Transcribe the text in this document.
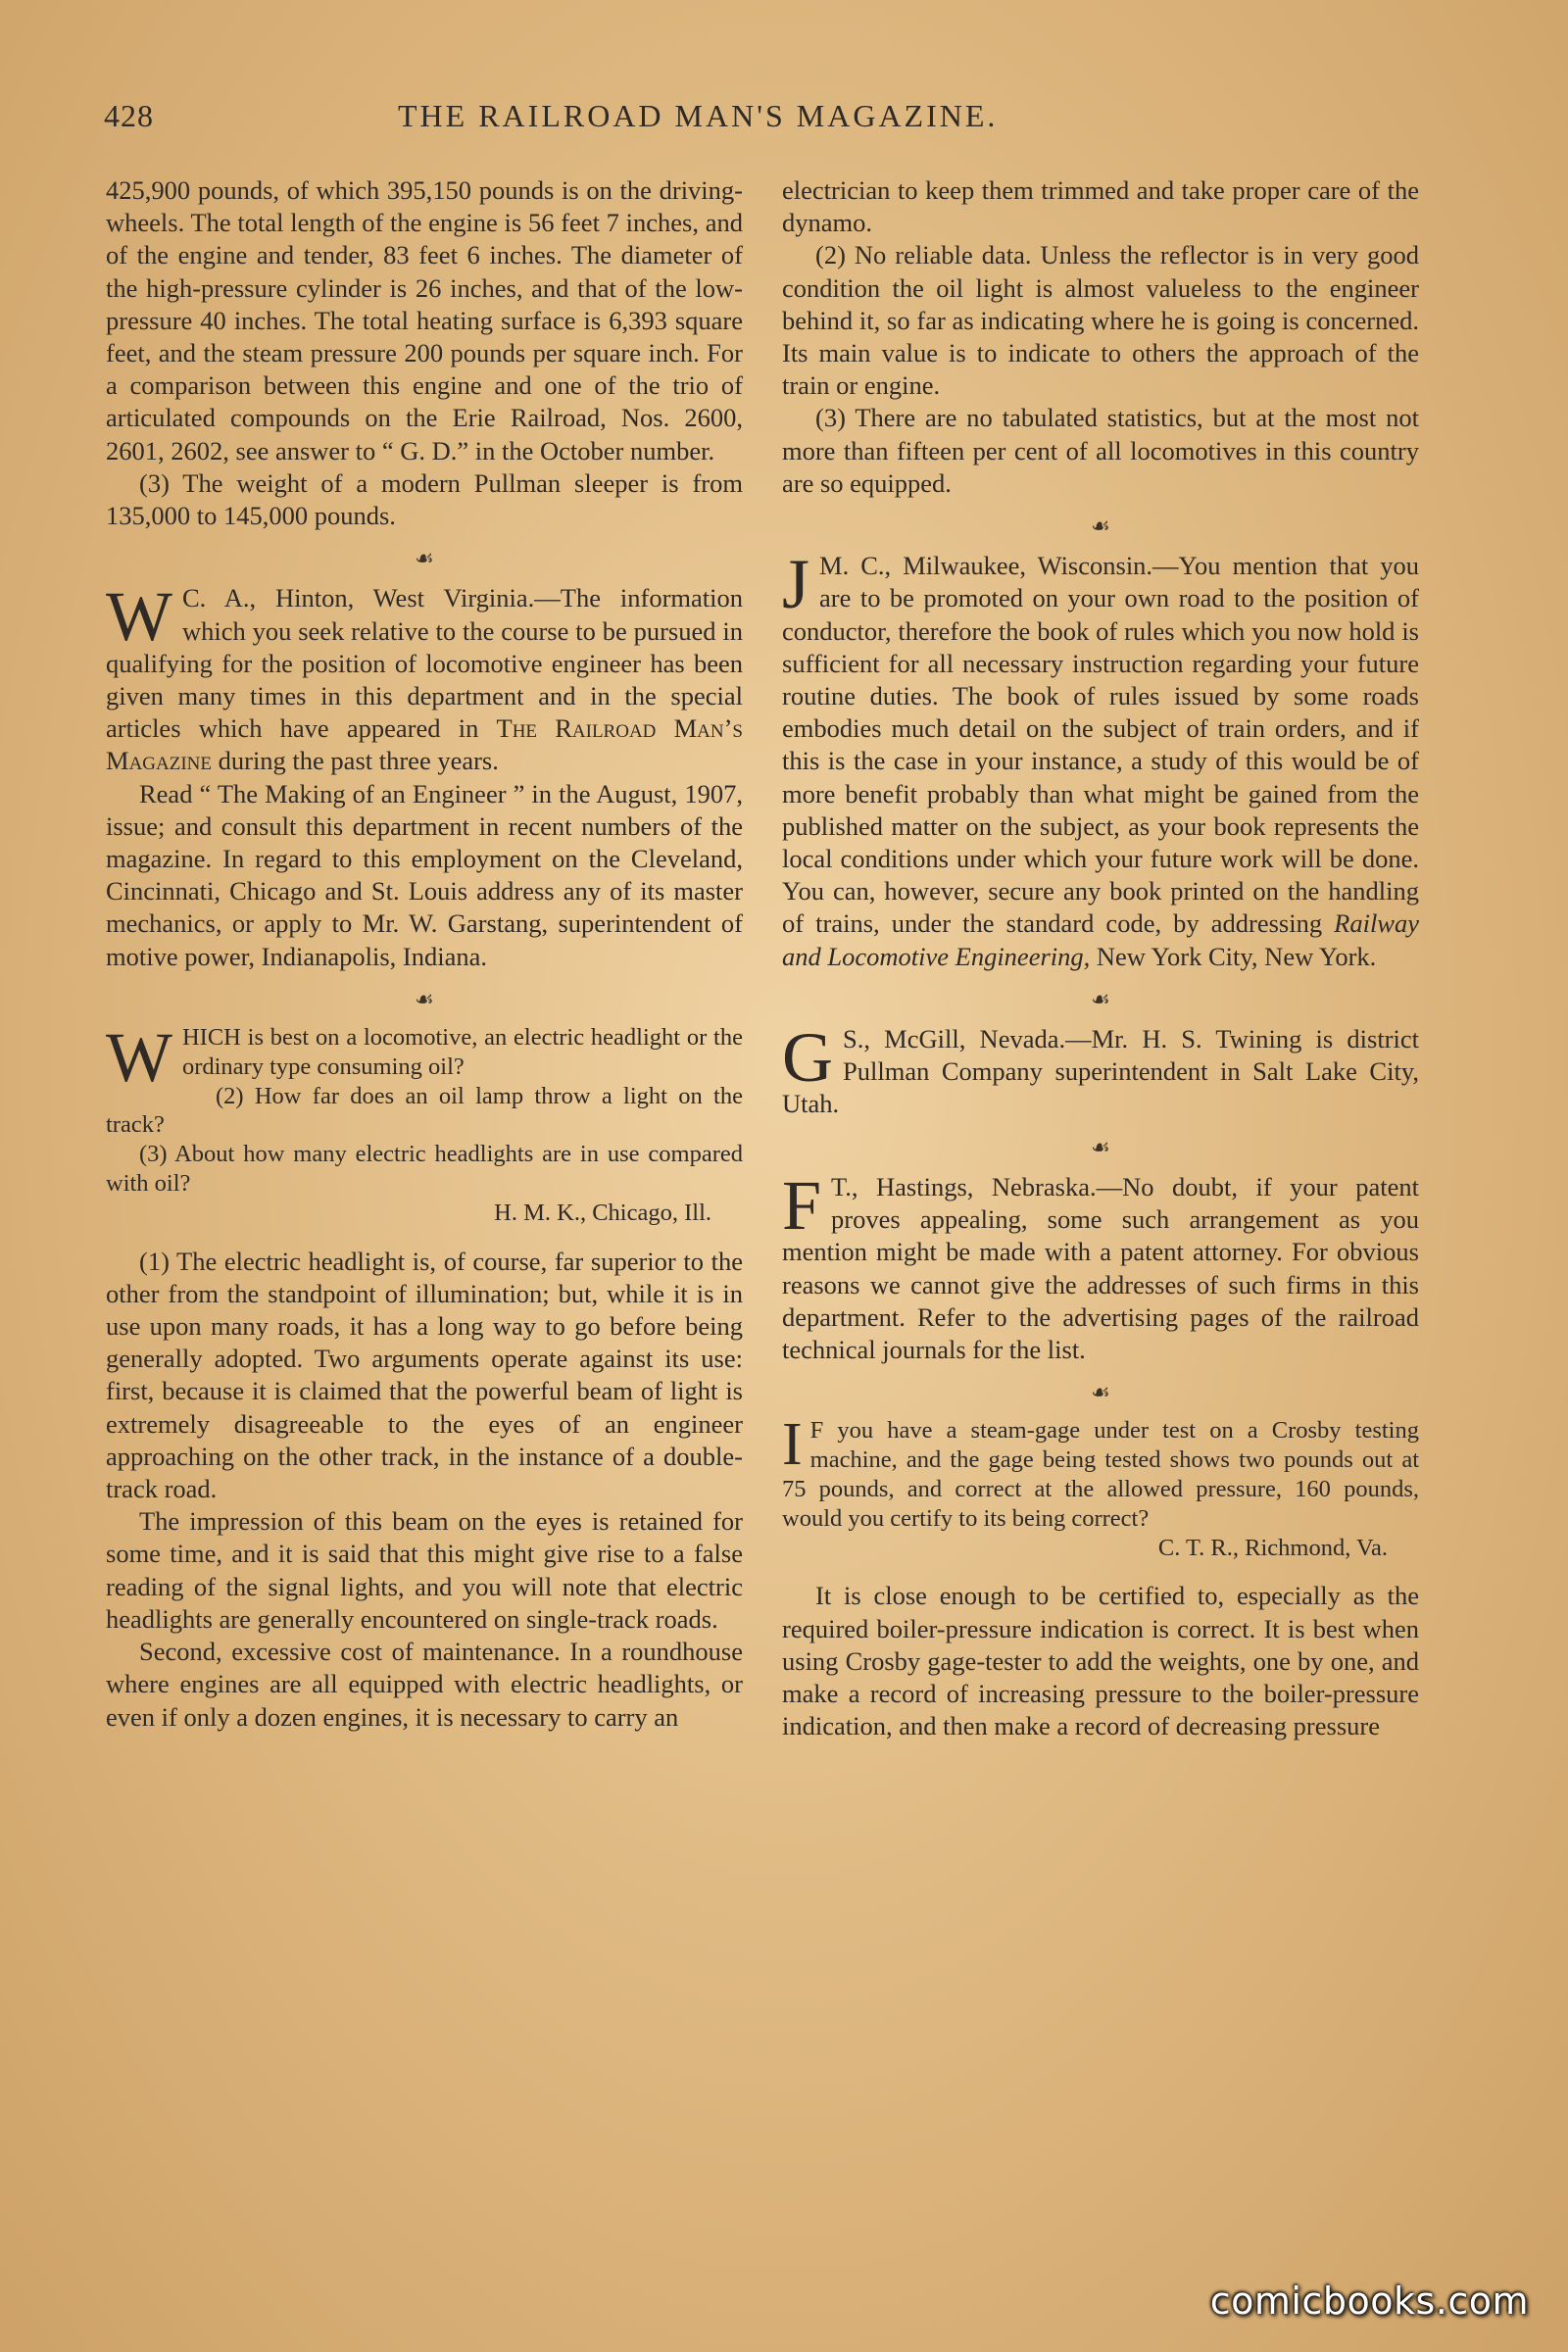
428	THE RAILROAD MAN'S MAGAZINE.

425,900 pounds, of which 395,150 pounds is on the driving-wheels. The total length of the engine is 56 feet 7 inches, and of the engine and tender, 83 feet 6 inches. The diameter of the high-pressure cylinder is 26 inches, and that of the low-pressure 40 inches. The total heating surface is 6,393 square feet, and the steam pressure 200 pounds per square inch. For a comparison between this engine and one of the trio of articulated compounds on the Erie Railroad, Nos. 2600, 2601, 2602, see answer to “ G. D.” in the October number.

(3) The weight of a modern Pullman sleeper is from 135,000 to 145,000 pounds.

☙

W C. A., Hinton, West Virginia.—The information which you seek relative to the course to be pursued in qualifying for the position of locomotive engineer has been given many times in this department and in the special articles which have appeared in The Railroad Man’s Magazine during the past three years.

Read “ The Making of an Engineer ” in the August, 1907, issue; and consult this department in recent numbers of the magazine. In regard to this employment on the Cleveland, Cincinnati, Chicago and St. Louis address any of its master mechanics, or apply to Mr. W. Garstang, superintendent of motive power, Indianapolis, Indiana.

☙

WHICH is best on a locomotive, an electric headlight or the ordinary type consuming oil?

(2) How far does an oil lamp throw a light on the track?

(3) About how many electric headlights are in use compared with oil?

H. M. K., Chicago, Ill.

(1) The electric headlight is, of course, far superior to the other from the standpoint of illumination; but, while it is in use upon many roads, it has a long way to go before being generally adopted. Two arguments operate against its use: first, because it is claimed that the powerful beam of light is extremely disagreeable to the eyes of an engineer approaching on the other track, in the instance of a double-track road.

The impression of this beam on the eyes is retained for some time, and it is said that this might give rise to a false reading of the signal lights, and you will note that electric headlights are generally encountered on single-track roads.

Second, excessive cost of maintenance. In a roundhouse where engines are all equipped with electric headlights, or even if only a dozen engines, it is necessary to carry an

electrician to keep them trimmed and take proper care of the dynamo.

(2) No reliable data. Unless the reflector is in very good condition the oil light is almost valueless to the engineer behind it, so far as indicating where he is going is concerned. Its main value is to indicate to others the approach of the train or engine.

(3) There are no tabulated statistics, but at the most not more than fifteen per cent of all locomotives in this country are so equipped.

☙

J M. C., Milwaukee, Wisconsin.—You mention that you are to be promoted on your own road to the position of conductor, therefore the book of rules which you now hold is sufficient for all necessary instruction regarding your future routine duties. The book of rules issued by some roads embodies much detail on the subject of train orders, and if this is the case in your instance, a study of this would be of more benefit probably than what might be gained from the published matter on the subject, as your book represents the local conditions under which your future work will be done. You can, however, secure any book printed on the handling of trains, under the standard code, by addressing Railway and Locomotive Engineering, New York City, New York.

☙

G S., McGill, Nevada.—Mr. H. S. Twining is district Pullman Company superintendent in Salt Lake City, Utah.

☙

F T., Hastings, Nebraska.—No doubt, if your patent proves appealing, some such arrangement as you mention might be made with a patent attorney. For obvious reasons we cannot give the addresses of such firms in this department. Refer to the advertising pages of the railroad technical journals for the list.

☙

I F you have a steam-gage under test on a Crosby testing machine, and the gage being tested shows two pounds out at 75 pounds, and correct at the allowed pressure, 160 pounds, would you certify to its being correct?

C. T. R., Richmond, Va.

It is close enough to be certified to, especially as the required boiler-pressure indication is correct. It is best when using Crosby gage-tester to add the weights, one by one, and make a record of increasing pressure to the boiler-pressure indication, and then make a record of decreasing pressure

comicbooks.com
